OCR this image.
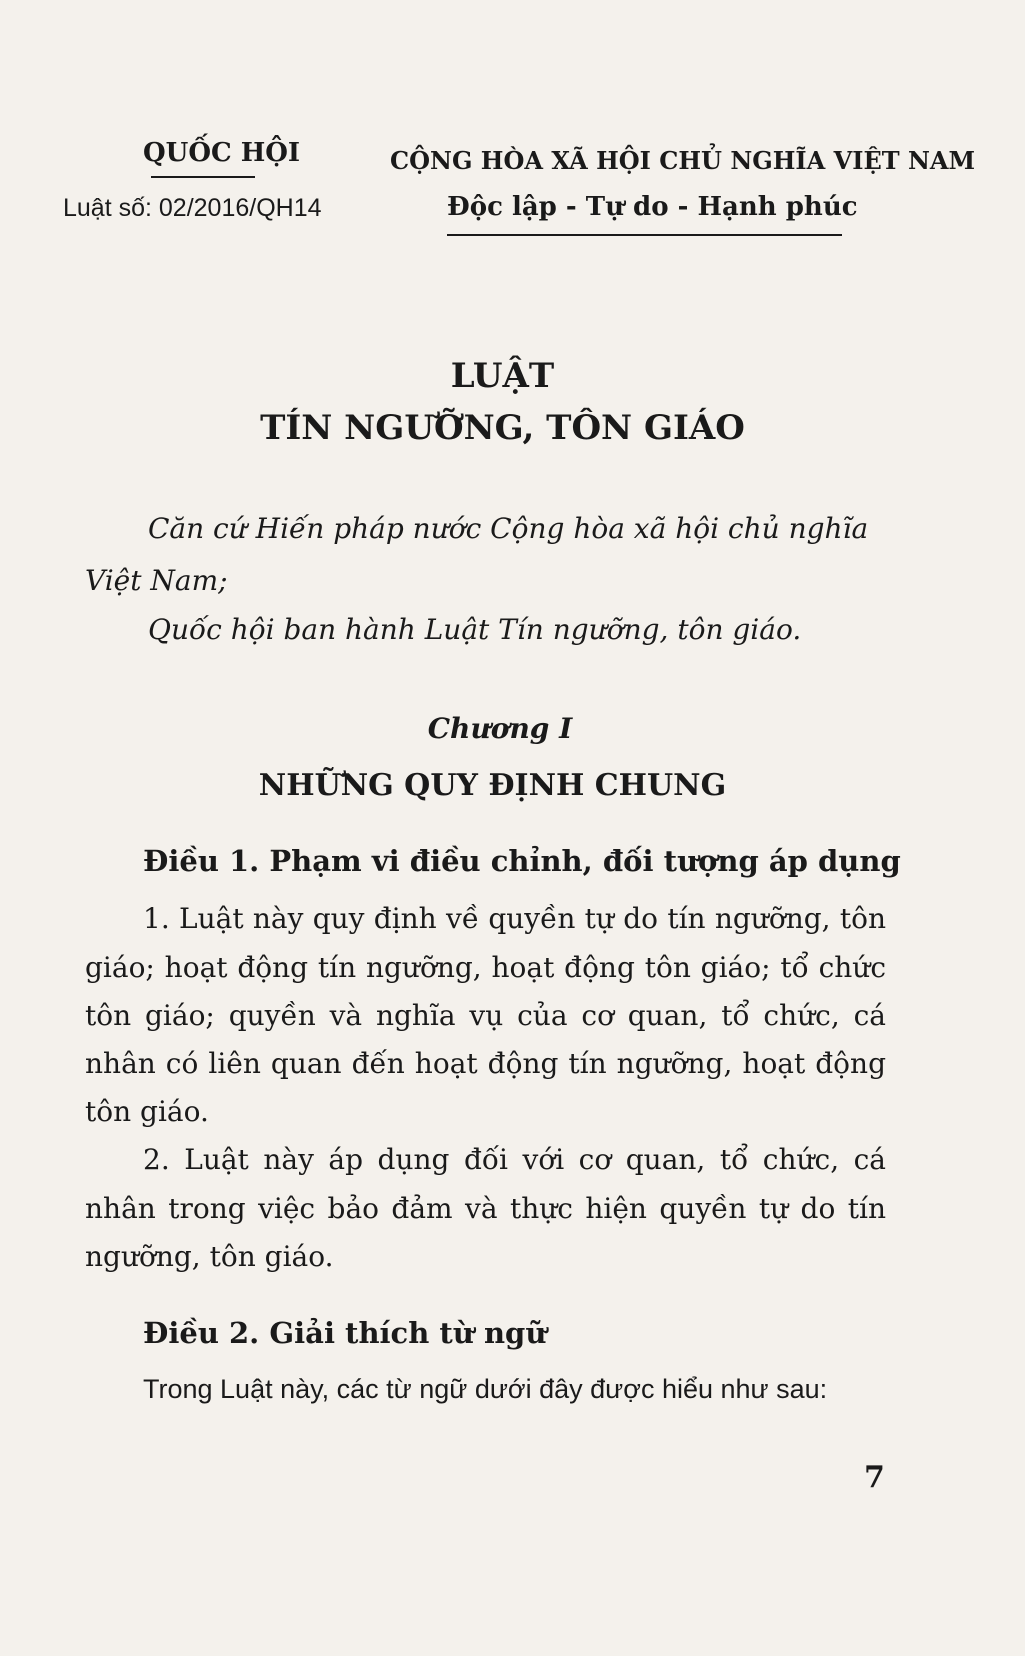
QUỐC HỘI
Luật số: 02/2016/QH14
CỘNG HÒA XÃ HỘI CHỦ NGHĨA VIỆT NAM
Độc lập - Tự do - Hạnh phúc
LUẬT
TÍN NGƯỠNG, TÔN GIÁO
Căn cứ Hiến pháp nước Cộng hòa xã hội chủ nghĩa
Việt Nam;
Quốc hội ban hành Luật Tín ngưỡng, tôn giáo.
Chương I
NHỮNG QUY ĐỊNH CHUNG
Điều 1. Phạm vi điều chỉnh, đối tượng áp dụng
1. Luật này quy định về quyền tự do tín ngưỡng, tôn
giáo; hoạt động tín ngưỡng, hoạt động tôn giáo; tổ chức
tôn giáo; quyền và nghĩa vụ của cơ quan, tổ chức, cá
nhân có liên quan đến hoạt động tín ngưỡng, hoạt động
tôn giáo.
2. Luật này áp dụng đối với cơ quan, tổ chức, cá
nhân trong việc bảo đảm và thực hiện quyền tự do tín
ngưỡng, tôn giáo.
Điều 2. Giải thích từ ngữ
Trong Luật này, các từ ngữ dưới đây được hiểu như sau:
7
